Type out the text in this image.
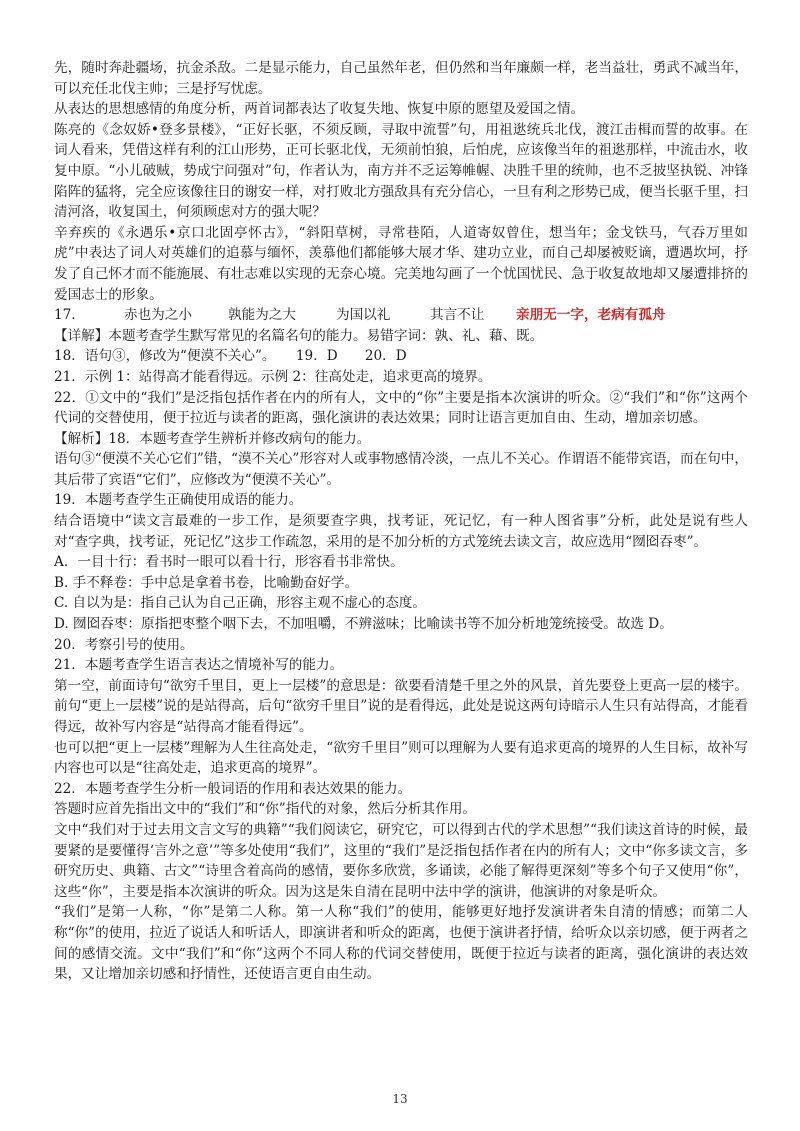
先，随时奔赴疆场，抗金杀敌。二是显示能力，自己虽然年老，但仍然和当年廉颇一样，老当益壮，勇武不减当年，可以充任北伐主帅；三是抒写忧虑。

从表达的思想感情的角度分析，两首词都表达了收复失地、恢复中原的愿望及爱国之情。

陈亮的《念奴娇•登多景楼》，“正好长驱，不须反顾，寻取中流誓”句，用祖逖统兵北伐，渡江击楫而誓的故事。在词人看来，凭借这样有利的江山形势，正可长驱北伐，无须前怕狼，后怕虎，应该像当年的祖逖那样，中流击水，收复中原。“小儿破贼，势成宁问强对”句，作者认为，南方并不乏运筹帷幄、决胜千里的统帅，也不乏披坚执锐、冲锋陷阵的猛将，完全应该像往日的谢安一样，对打败北方强敌具有充分信心，一旦有利之形势已成，便当长驱千里，扫清河洛，收复国土，何须顾虑对方的强大呢？

辛弃疾的《永遇乐•京口北固亭怀古》，“斜阳草树，寻常巷陌，人道寄奴曾住，想当年；金戈铁马，气吞万里如虎”中表达了词人对英雄们的追慕与缅怀，羡慕他们都能够大展才华、建功立业，而自己却屡被贬谪，遭遇坎坷，抒发了自己怀才而不能施展、有壮志难以实现的无奈心境。完美地勾画了一个忧国忧民、急于收复故地却又屡遭排挤的爱国志士的形象。

17.	赤也为之小	孰能为之大	为国以礼	其言不让 亲朋无一字，老病有孤舟

【详解】本题考查学生默写常见的名篇名句的能力。易错字词：孰、礼、藉、既。

18．语句③，修改为“便漠不关心”。　　19．D　　20．D

21．示例 1：站得高才能看得远。示例 2：往高处走，追求更高的境界。

22．①文中的“我们”是泛指包括作者在内的所有人，文中的“你”主要是指本次演讲的听众。②“我们”和“你”这两个代词的交替使用，便于拉近与读者的距离，强化演讲的表达效果；同时让语言更加自由、生动，增加亲切感。

【解析】18．本题考查学生辨析并修改病句的能力。

语句③“便漠不关心它们”错，“漠不关心”形容对人或事物感情冷淡，一点儿不关心。作谓语不能带宾语，而在句中，其后带了宾语“它们”，应修改为“便漠不关心”。

19．本题考查学生正确使用成语的能力。

结合语境中“读文言最难的一步工作，是须要查字典，找考证，死记忆，有一种人图省事”分析，此处是说有些人对“查字典，找考证，死记忆”这步工作疏忽，采用的是不加分析的方式笼统去读文言，故应选用“囫囵吞枣”。

A．一目十行：看书时一眼可以看十行，形容看书非常快。

B. 手不释卷：手中总是拿着书卷，比喻勤奋好学。

C. 自以为是：指自己认为自己正确，形容主观不虚心的态度。

D. 囫囵吞枣：原指把枣整个咽下去，不加咀嚼，不辨滋味；比喻读书等不加分析地笼统接受。故选 D。

20．考察引号的使用。

21．本题考查学生语言表达之情境补写的能力。

第一空，前面诗句“欲穷千里目，更上一层楼”的意思是：欲要看清楚千里之外的风景，首先要登上更高一层的楼宇。前句“更上一层楼”说的是站得高，后句“欲穷千里目”说的是看得远，此处是说这两句诗暗示人生只有站得高，才能看得远，故补写内容是“站得高才能看得远”。

也可以把“更上一层楼”理解为人生往高处走，“欲穷千里目”则可以理解为人要有追求更高的境界的人生目标，故补写内容也可以是“往高处走，追求更高的境界”。

22．本题考查学生分析一般词语的作用和表达效果的能力。

答题时应首先指出文中的“我们”和“你”指代的对象，然后分析其作用。

文中“我们对于过去用文言文写的典籍”“我们阅读它，研究它，可以得到古代的学术思想”“我们读这首诗的时候，最要紧的是要懂得‘言外之意’”等多处使用“我们”，这里的“我们”是泛指包括作者在内的所有人；文中“你多读文言，多研究历史、典籍、古文”“诗里含着高尚的感情，要你多欣赏，多诵读，必能了解得更深刻”等多个句子又使用“你”，这些“你”，主要是指本次演讲的听众。因为这是朱自清在昆明中法中学的演讲，他演讲的对象是听众。

“我们”是第一人称，“你”是第二人称。第一人称“我们”的使用，能够更好地抒发演讲者朱自清的情感；而第二人称“你”的使用，拉近了说话人和听话人，即演讲者和听众的距离，也便于演讲者抒情，给听众以亲切感，便于两者之间的感情交流。文中“我们”和“你”这两个不同人称的代词交替使用，既便于拉近与读者的距离，强化演讲的表达效果，又让增加亲切感和抒情性，还使语言更自由生动。

13
